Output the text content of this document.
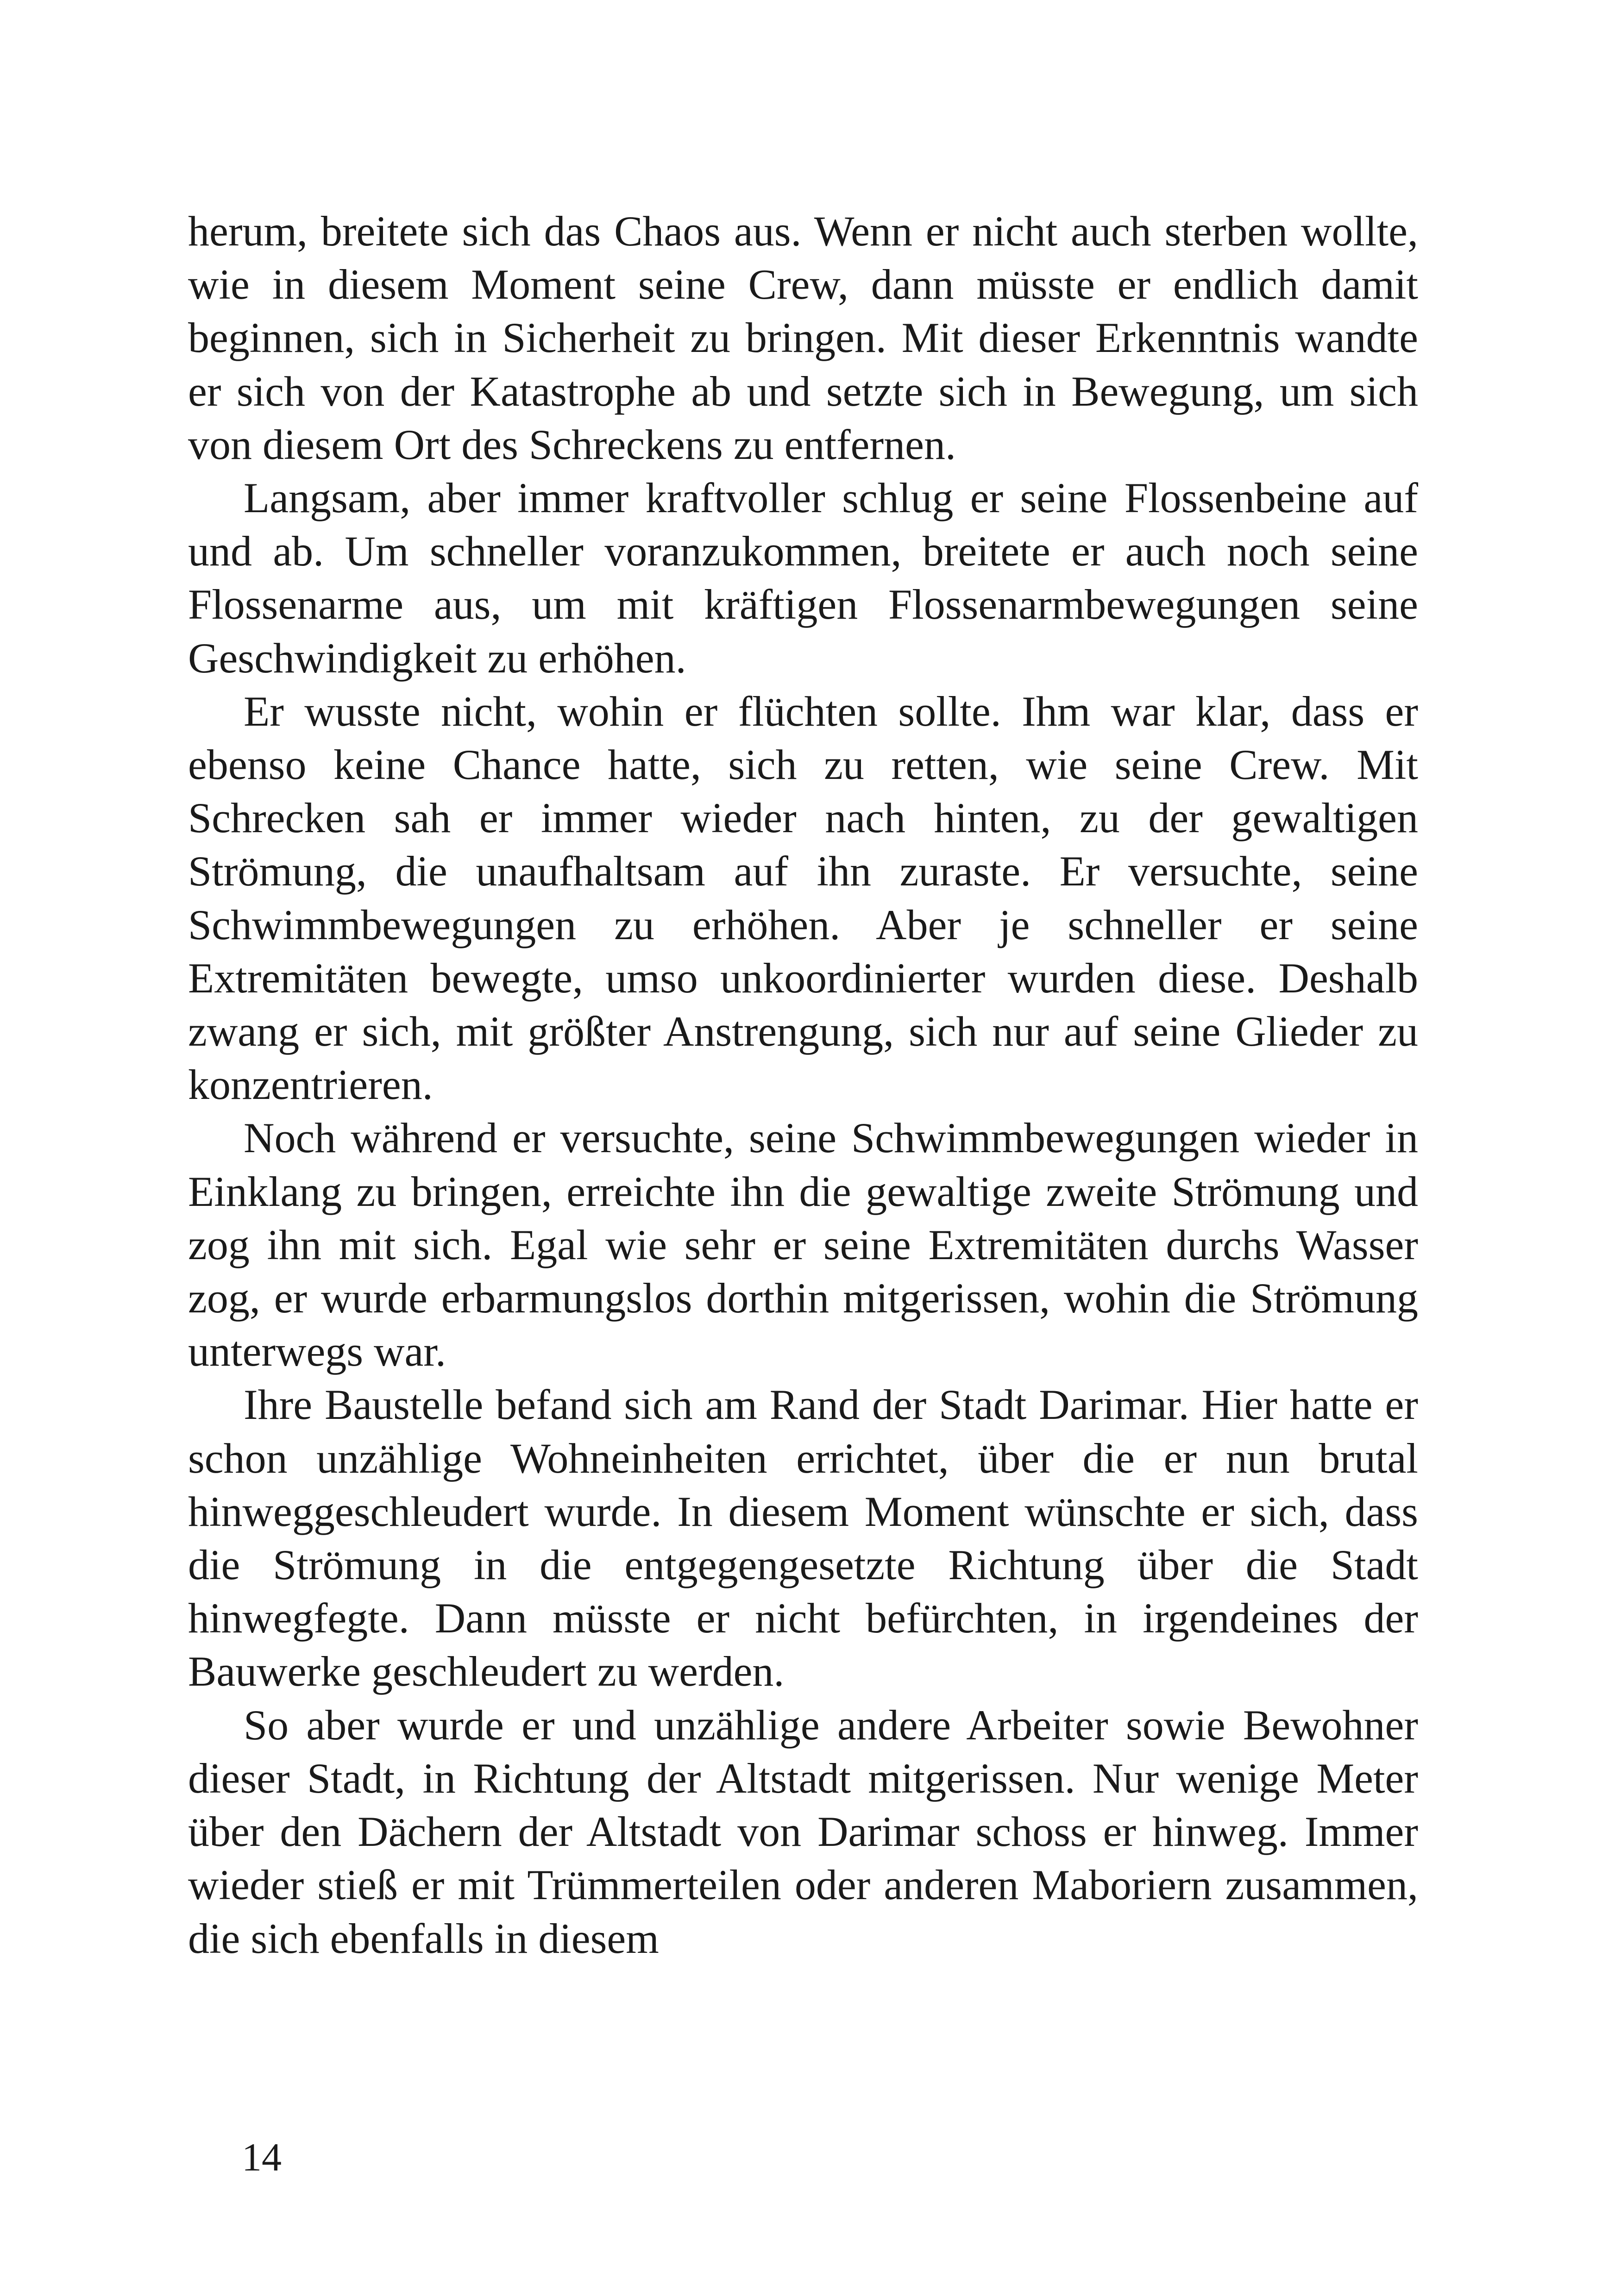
herum, breitete sich das Chaos aus. Wenn er nicht auch sterben wollte, wie in diesem Moment seine Crew, dann müsste er endlich damit beginnen, sich in Sicherheit zu bringen. Mit dieser Erkenntnis wandte er sich von der Katastrophe ab und setzte sich in Bewegung, um sich von diesem Ort des Schreckens zu entfernen.

Langsam, aber immer kraftvoller schlug er seine Flossenbeine auf und ab. Um schneller voranzukommen, breitete er auch noch seine Flossenarme aus, um mit kräftigen Flossenarmbewegungen seine Geschwindigkeit zu erhöhen.

Er wusste nicht, wohin er flüchten sollte. Ihm war klar, dass er ebenso keine Chance hatte, sich zu retten, wie seine Crew. Mit Schrecken sah er immer wieder nach hinten, zu der gewaltigen Strömung, die unaufhaltsam auf ihn zuraste. Er versuchte, seine Schwimmbewegungen zu erhöhen. Aber je schneller er seine Extremitäten bewegte, umso unkoordinierter wurden diese. Deshalb zwang er sich, mit größter Anstrengung, sich nur auf seine Glieder zu konzentrieren.

Noch während er versuchte, seine Schwimmbewegungen wieder in Einklang zu bringen, erreichte ihn die gewaltige zweite Strömung und zog ihn mit sich. Egal wie sehr er seine Extremitäten durchs Wasser zog, er wurde erbarmungslos dorthin mitgerissen, wohin die Strömung unterwegs war.

Ihre Baustelle befand sich am Rand der Stadt Darimar. Hier hatte er schon unzählige Wohneinheiten errichtet, über die er nun brutal hinweggeschleudert wurde. In diesem Moment wünschte er sich, dass die Strömung in die entgegengesetzte Richtung über die Stadt hinwegfegte. Dann müsste er nicht befürchten, in irgendeines der Bauwerke geschleudert zu werden.

So aber wurde er und unzählige andere Arbeiter sowie Bewohner dieser Stadt, in Richtung der Altstadt mitgerissen. Nur wenige Meter über den Dächern der Altstadt von Darimar schoss er hinweg. Immer wieder stieß er mit Trümmerteilen oder anderen Maboriern zusammen, die sich ebenfalls in diesem

14
